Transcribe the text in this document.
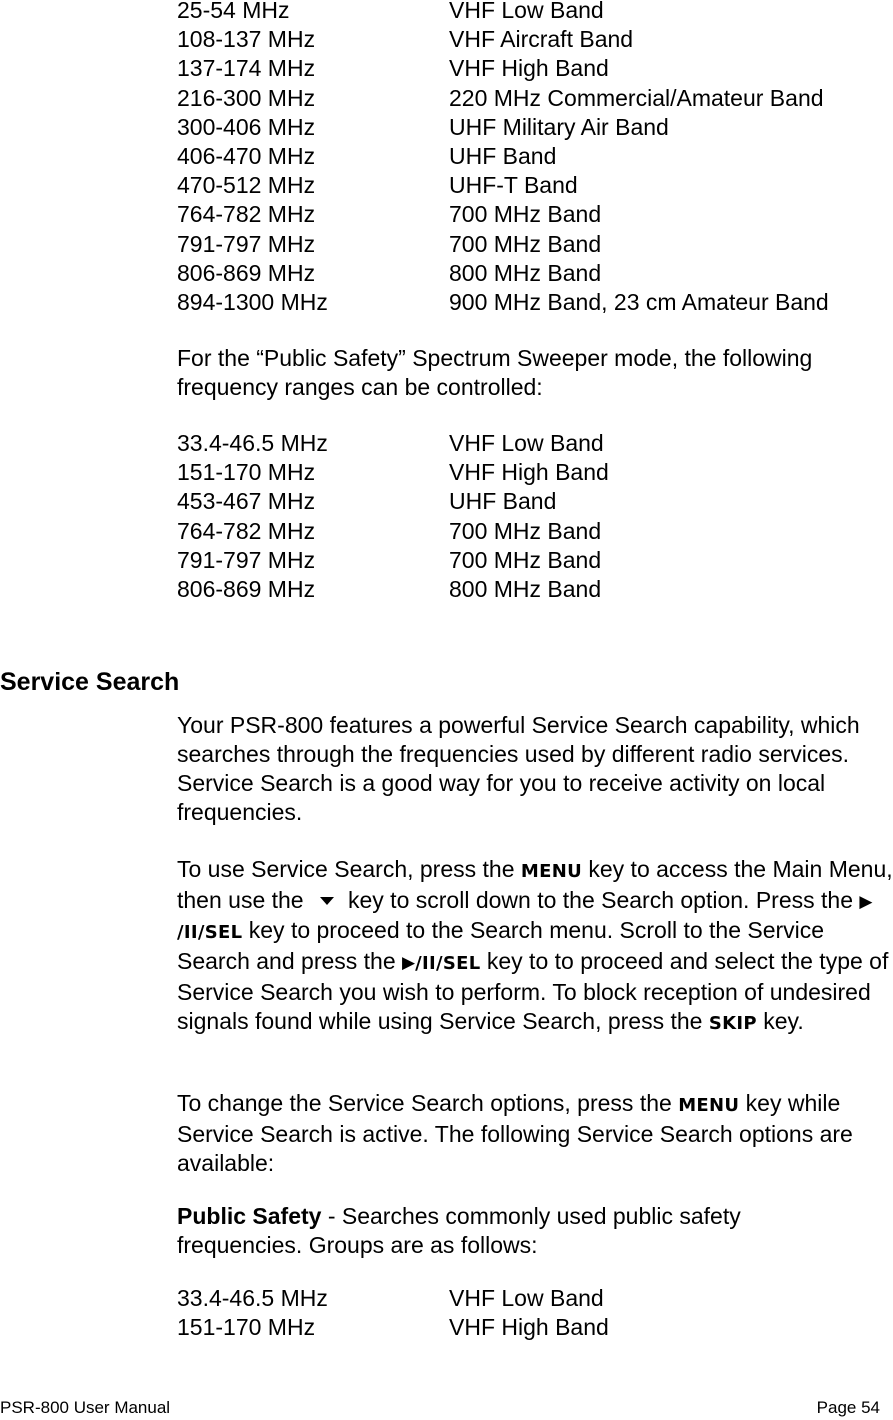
25-54 MHz	VHF Low Band
108-137 MHz	VHF Aircraft Band
137-174 MHz	VHF High Band
216-300 MHz	220 MHz Commercial/Amateur Band
300-406 MHz	UHF Military Air Band
406-470 MHz	UHF Band
470-512 MHz	UHF-T Band
764-782 MHz	700 MHz Band
791-797 MHz	700 MHz Band
806-869 MHz	800 MHz Band
894-1300 MHz	900 MHz Band, 23 cm Amateur Band

For the “Public Safety” Spectrum Sweeper mode, the following frequency ranges can be controlled:

33.4-46.5 MHz	VHF Low Band
151-170 MHz	VHF High Band
453-467 MHz	UHF Band
764-782 MHz	700 MHz Band
791-797 MHz	700 MHz Band
806-869 MHz	800 MHz Band
Service Search

Your PSR-800 features a powerful Service Search capability, which searches through the frequencies used by different radio services. Service Search is a good way for you to receive activity on local frequencies.

To use Service Search, press the MENU key to access the Main Menu, then use the key to scroll down to the Search option. Press the ▶/II/SEL key to proceed to the Search menu. Scroll to the Service Search and press the ▶/II/SEL key to to proceed and select the type of Service Search you wish to perform. To block reception of undesired signals found while using Service Search, press the SKIP key.

To change the Service Search options, press the MENU key while Service Search is active. The following Service Search options are available:

Public Safety - Searches commonly used public safety frequencies. Groups are as follows:

33.4-46.5 MHz	VHF Low Band
151-170 MHz	VHF High Band
PSR-800 User Manual	Page 54
